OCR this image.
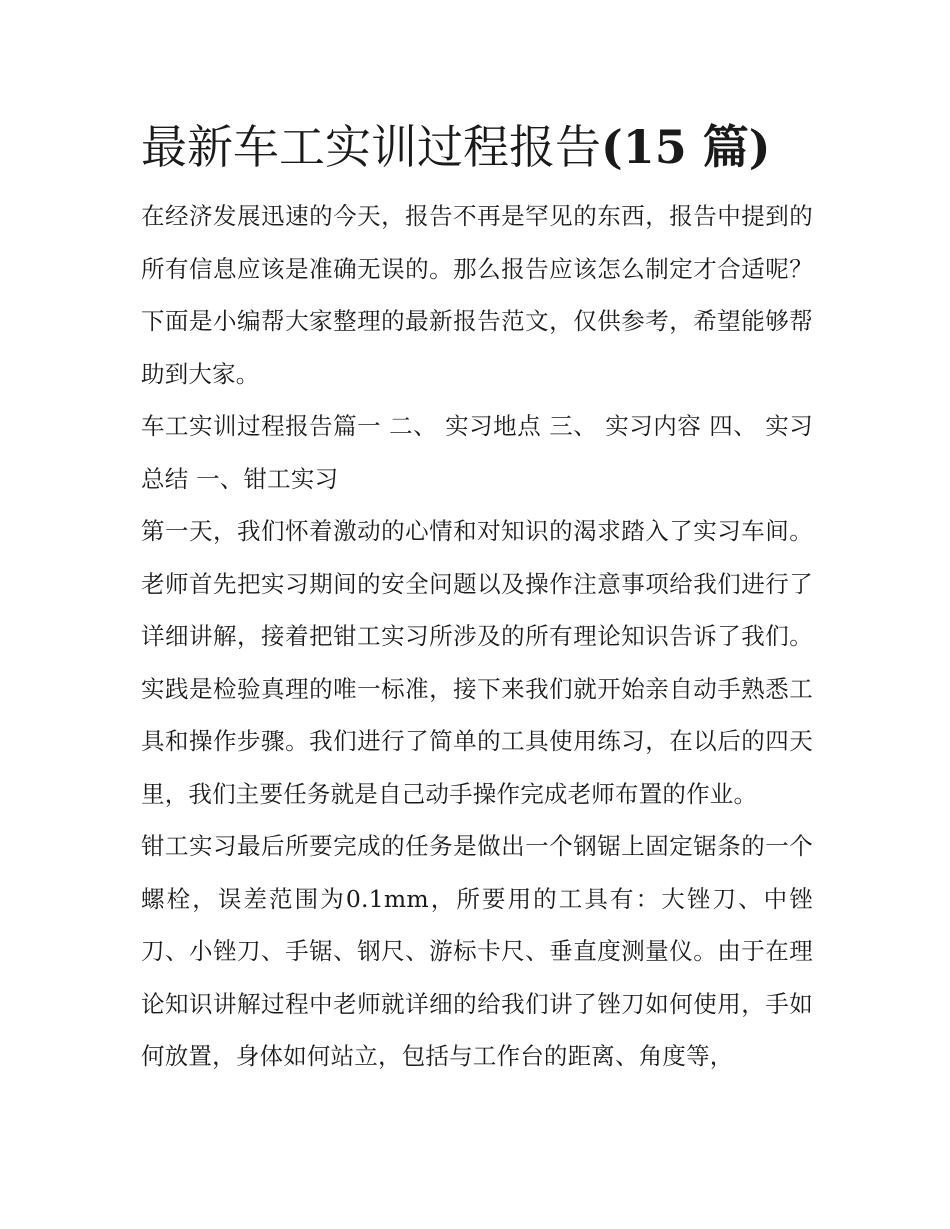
最新车工实训过程报告(15 篇)

在经济发展迅速的今天，报告不再是罕见的东西，报告中提到的所有信息应该是准确无误的。那么报告应该怎么制定才合适呢？下面是小编帮大家整理的最新报告范文，仅供参考，希望能够帮助到大家。

车工实训过程报告篇一 二、 实习地点 三、 实习内容 四、 实习总结 一、钳工实习

第一天，我们怀着激动的心情和对知识的渴求踏入了实习车间。老师首先把实习期间的安全问题以及操作注意事项给我们进行了详细讲解，接着把钳工实习所涉及的所有理论知识告诉了我们。实践是检验真理的唯一标准，接下来我们就开始亲自动手熟悉工具和操作步骤。我们进行了简单的工具使用练习，在以后的四天里，我们主要任务就是自己动手操作完成老师布置的作业。

钳工实习最后所要完成的任务是做出一个钢锯上固定锯条的一个螺栓，误差范围为0.1mm，所要用的工具有：大锉刀、中锉刀、小锉刀、手锯、钢尺、游标卡尺、垂直度测量仪。由于在理论知识讲解过程中老师就详细的给我们讲了锉刀如何使用，手如何放置，身体如何站立，包括与工作台的距离、角度等，
